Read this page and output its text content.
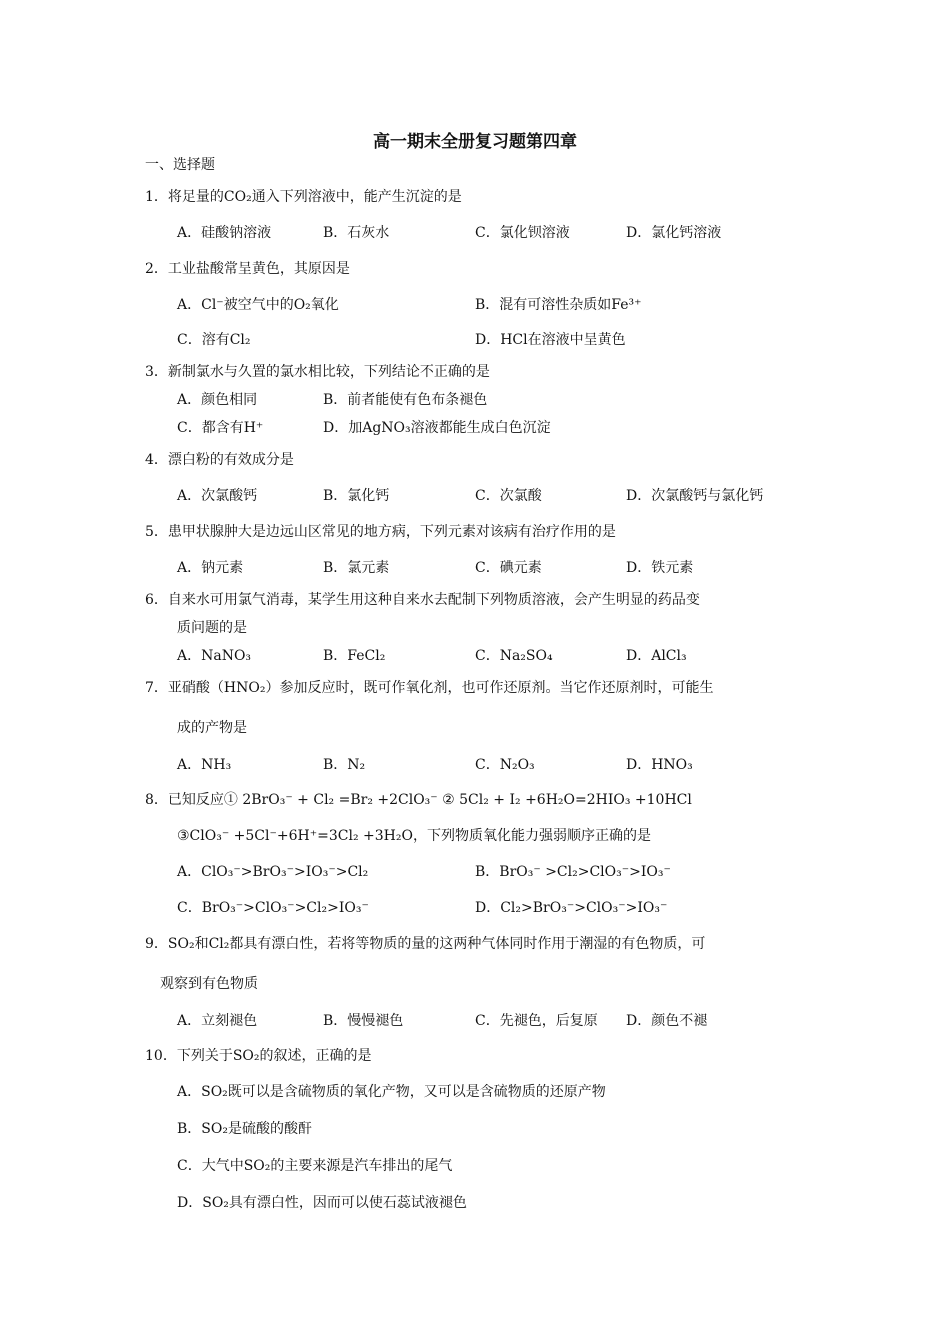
高一期末全册复习题第四章
一、选择题
1．将足量的CO₂通入下列溶液中，能产生沉淀的是
A．硅酸钠溶液	B．石灰水	C．氯化钡溶液	D．氯化钙溶液
2．工业盐酸常呈黄色，其原因是
A．Cl⁻被空气中的O₂氧化	B．混有可溶性杂质如Fe³⁺
C．溶有Cl₂	D．HCl在溶液中呈黄色
3．新制氯水与久置的氯水相比较，下列结论不正确的是
A．颜色相同	B．前者能使有色布条褪色
C．都含有H⁺	D．加AgNO₃溶液都能生成白色沉淀
4．漂白粉的有效成分是
A．次氯酸钙	B．氯化钙	C．次氯酸	D．次氯酸钙与氯化钙
5．患甲状腺肿大是边远山区常见的地方病，下列元素对该病有治疗作用的是
A．钠元素	B．氯元素	C．碘元素	D．铁元素
6．自来水可用氯气消毒，某学生用这种自来水去配制下列物质溶液，会产生明显的药品变
质问题的是
A．NaNO₃	B．FeCl₂	C．Na₂SO₄	D．AlCl₃
7．亚硝酸（HNO₂）参加反应时，既可作氧化剂，也可作还原剂。当它作还原剂时，可能生
成的产物是
A．NH₃	B．N₂	C．N₂O₃	D．HNO₃
8．已知反应① 2BrO₃⁻ + Cl₂ =Br₂ +2ClO₃⁻ ② 5Cl₂ + I₂ +6H₂O=2HIO₃ +10HCl
③ClO₃⁻ +5Cl⁻+6H⁺=3Cl₂ +3H₂O，下列物质氧化能力强弱顺序正确的是
A．ClO₃⁻>BrO₃⁻>IO₃⁻>Cl₂	B．BrO₃⁻ >Cl₂>ClO₃⁻>IO₃⁻
C．BrO₃⁻>ClO₃⁻>Cl₂>IO₃⁻	D．Cl₂>BrO₃⁻>ClO₃⁻>IO₃⁻
9．SO₂和Cl₂都具有漂白性，若将等物质的量的这两种气体同时作用于潮湿的有色物质，可
观察到有色物质
A．立刻褪色	B．慢慢褪色	C．先褪色，后复原 D．颜色不褪
10．下列关于SO₂的叙述，正确的是
A．SO₂既可以是含硫物质的氧化产物，又可以是含硫物质的还原产物
B．SO₂是硫酸的酸酐
C．大气中SO₂的主要来源是汽车排出的尾气
D．SO₂具有漂白性，因而可以使石蕊试液褪色
